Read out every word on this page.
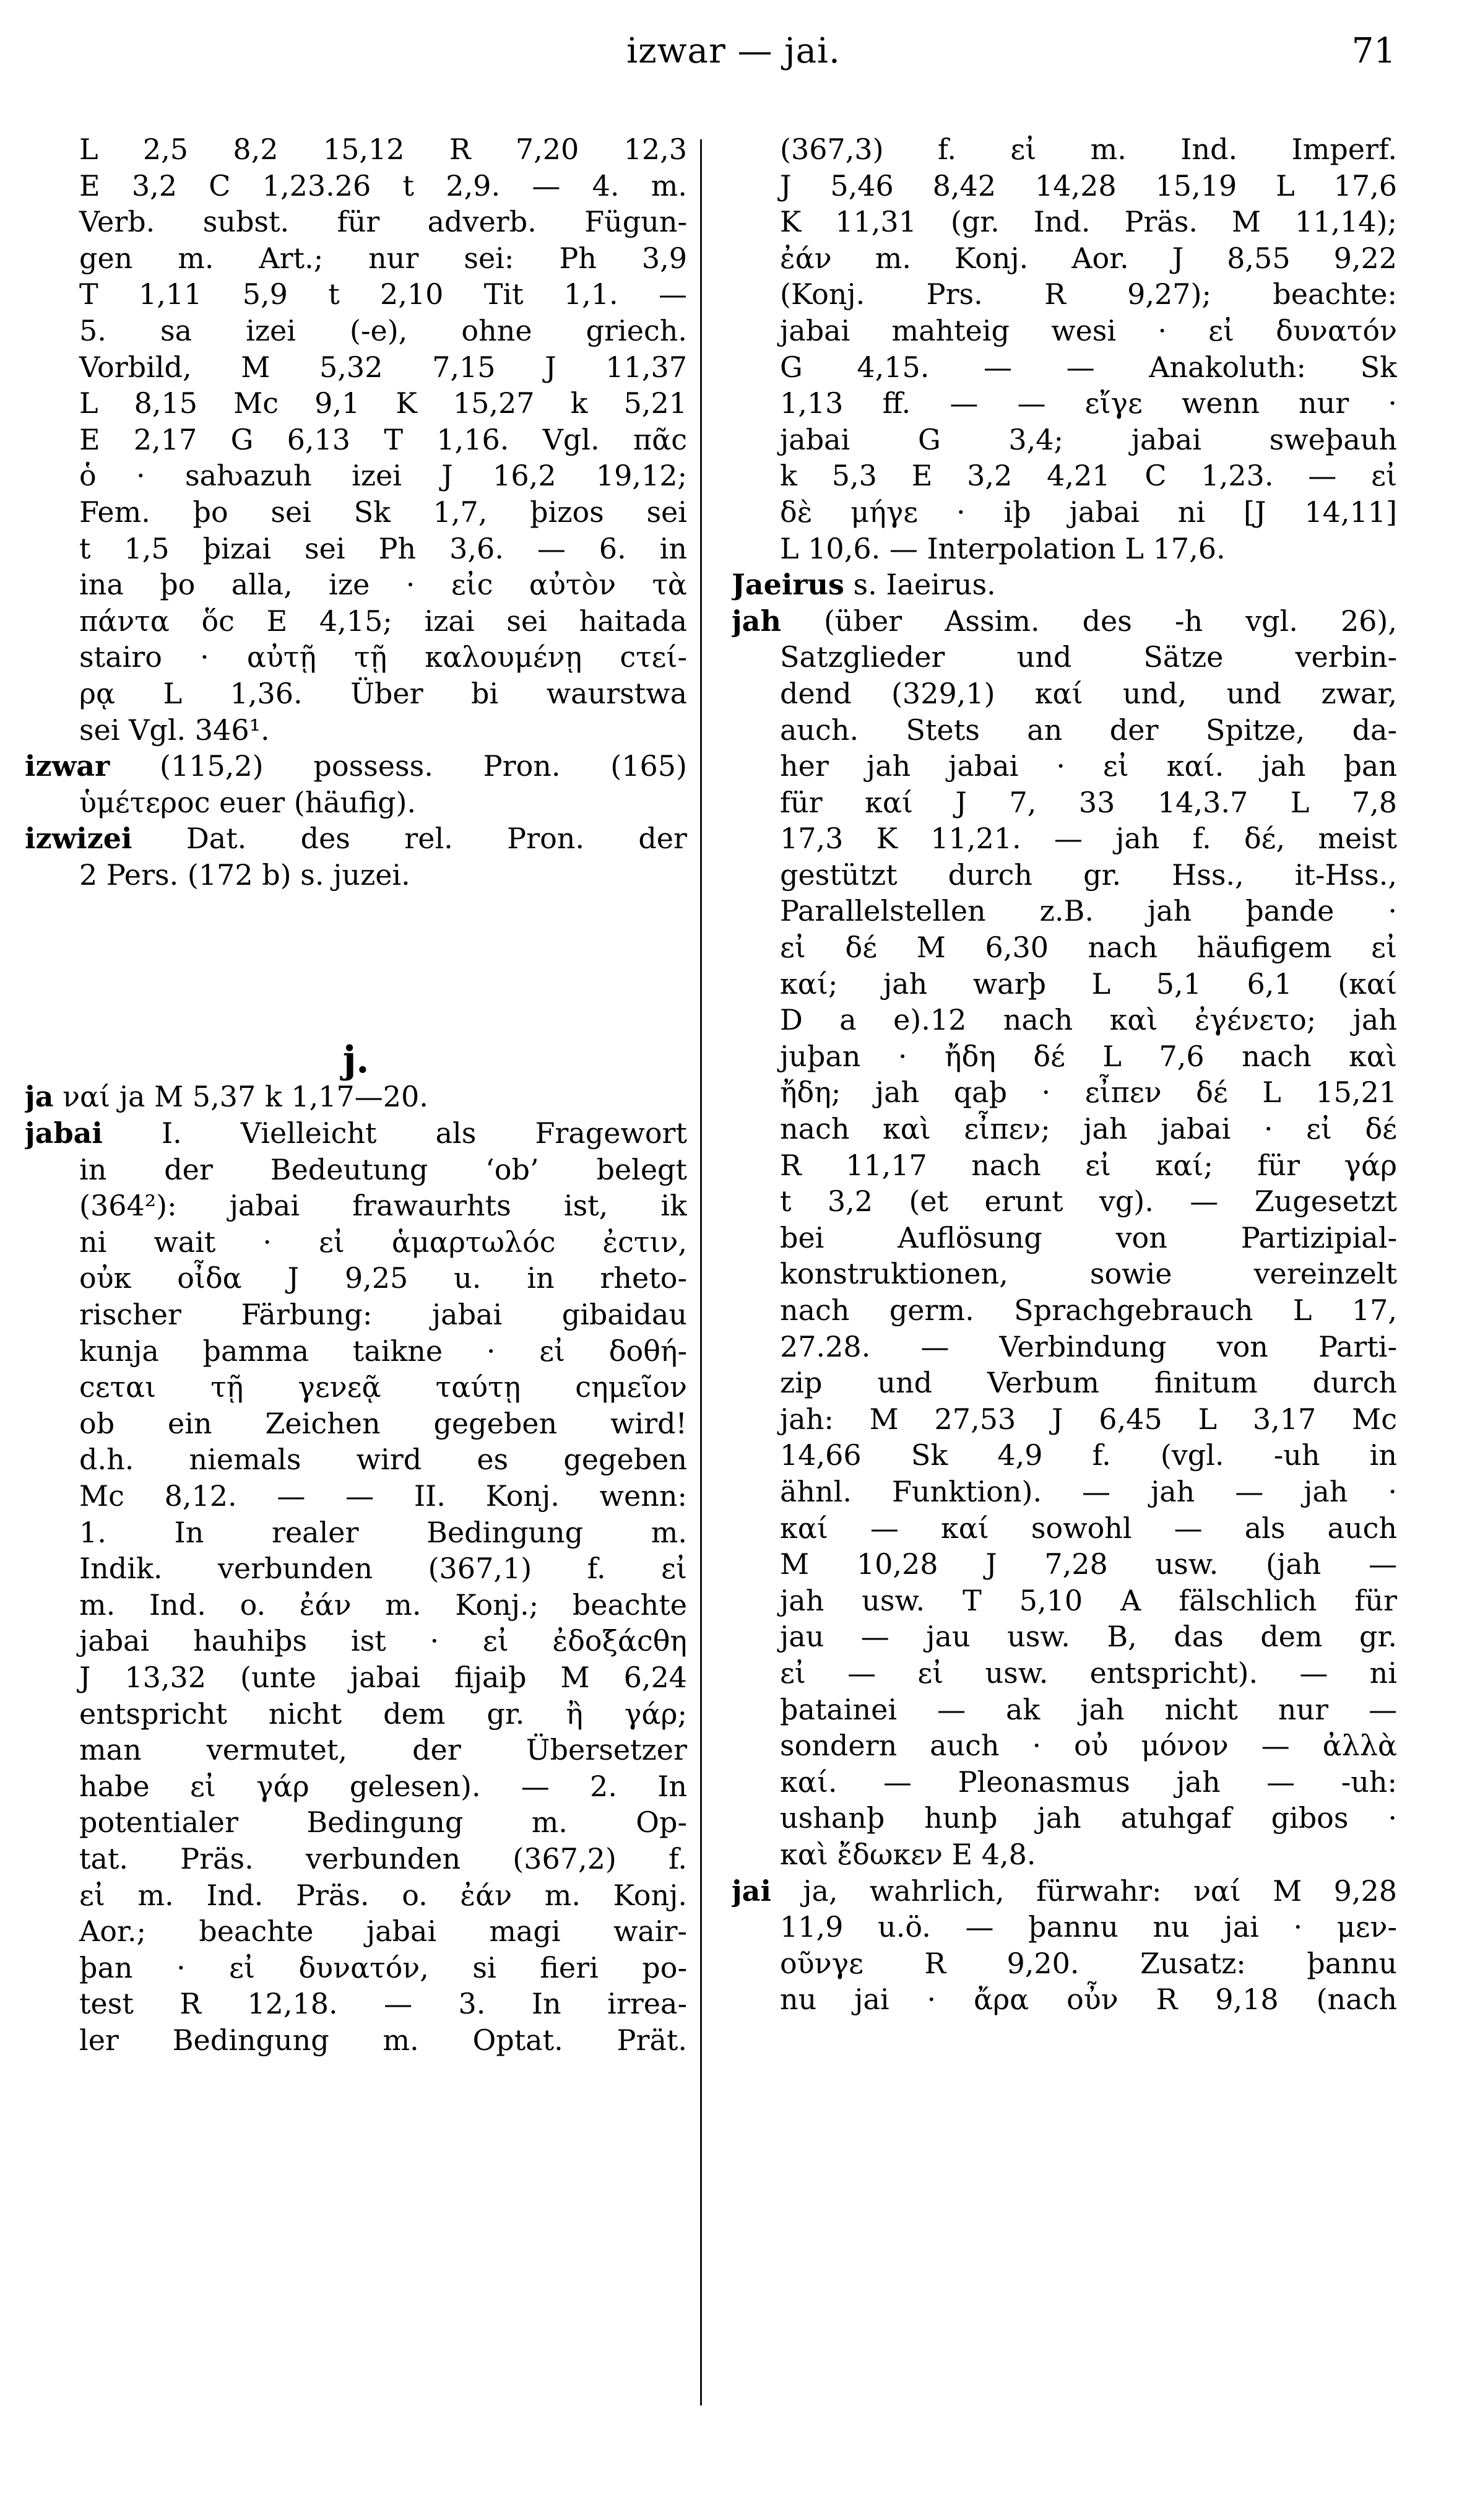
izwar — jai.	71
L 2,5 8,2 15,12 R 7,20 12,3
E 3,2 C 1,23.26 t 2,9. — 4. m.
Verb. subst. für adverb. Fügun-
gen m. Art.; nur sei: Ph 3,9
T 1,11 5,9 t 2,10 Tit 1,1. —
5. sa izei (-e), ohne griech.
Vorbild, M 5,32 7,15 J 11,37
L 8,15 Mc 9,1 K 15,27 k 5,21
E 2,17 G 6,13 T 1,16. Vgl. πᾶc
ὁ · saƕazuh izei J 16,2 19,12;
Fem. þo sei Sk 1,7, þizos sei
t 1,5 þizai sei Ph 3,6. — 6. in
ina þo alla, ize · εἰc αὐτὸν τὰ
πάντα ὅc E 4,15; izai sei haitada
stairo · αὐτῇ τῇ καλουμένῃ cτεί-
ρᾳ L 1,36. Über bi waurstwa
sei Vgl. 346¹.
izwar (115,2) possess. Pron. (165)
ὑμέτεροc euer (häufig).
izwizei Dat. des rel. Pron. der
2 Pers. (172 b) s. juzei.
j.
ja ναί ja M 5,37 k 1,17—20.
jabai I. Vielleicht als Fragewort
in der Bedeutung ‘ob’ belegt
(364²): jabai frawaurhts ist, ik
ni wait · εἰ ἁμαρτωλόc ἐcτιν,
οὐκ οἶδα J 9,25 u. in rheto-
rischer Färbung: jabai gibaidau
kunja þamma taikne · εἰ δοθή-
cεται τῇ γενεᾷ ταύτῃ cημεῖον
ob ein Zeichen gegeben wird!
d.h. niemals wird es gegeben
Mc 8,12. — — II. Konj. wenn:
1. In realer Bedingung m.
Indik. verbunden (367,1) f. εἰ
m. Ind. o. ἐάν m. Konj.; beachte
jabai hauhiþs ist · εἰ ἐδοξάcθη
J 13,32 (unte jabai fijaiþ M 6,24
entspricht nicht dem gr. ἢ γάρ;
man vermutet, der Übersetzer
habe εἰ γάρ gelesen). — 2. In
potentialer Bedingung m. Op-
tat. Präs. verbunden (367,2) f.
εἰ m. Ind. Präs. o. ἐάν m. Konj.
Aor.; beachte jabai magi wair-
þan · εἰ δυνατόν, si fieri po-
test R 12,18. — 3. In irrea-
ler Bedingung m. Optat. Prät.
(367,3) f. εἰ m. Ind. Imperf.
J 5,46 8,42 14,28 15,19 L 17,6
K 11,31 (gr. Ind. Präs. M 11,14);
ἐάν m. Konj. Aor. J 8,55 9,22
(Konj. Prs. R 9,27); beachte:
jabai mahteig wesi · εἰ δυνατόν
G 4,15. — — Anakoluth: Sk
1,13 ff. — — εἴγε wenn nur ·
jabai G 3,4; jabai sweþauh
k 5,3 E 3,2 4,21 C 1,23. — εἰ
δὲ μήγε · iþ jabai ni [J 14,11]
L 10,6. — Interpolation L 17,6.
Jaeirus s. Iaeirus.
jah (über Assim. des -h vgl. 26),
Satzglieder und Sätze verbin-
dend (329,1) καί und, und zwar,
auch. Stets an der Spitze, da-
her jah jabai · εἰ καί. jah þan
für καί J 7, 33 14,3.7 L 7,8
17,3 K 11,21. — jah f. δέ, meist
gestützt durch gr. Hss., it-Hss.,
Parallelstellen z.B. jah þande ·
εἰ δέ M 6,30 nach häufigem εἰ
καί; jah warþ L 5,1 6,1 (καί
D a e).12 nach καὶ ἐγένετο; jah
juþan · ἤδη δέ L 7,6 nach καὶ
ἤδη; jah qaþ · εἶπεν δέ L 15,21
nach καὶ εἶπεν; jah jabai · εἰ δέ
R 11,17 nach εἰ καί; für γάρ
t 3,2 (et erunt vg). — Zugesetzt
bei Auflösung von Partizipial-
konstruktionen, sowie vereinzelt
nach germ. Sprachgebrauch L 17,
27.28. — Verbindung von Parti-
zip und Verbum finitum durch
jah: M 27,53 J 6,45 L 3,17 Mc
14,66 Sk 4,9 f. (vgl. -uh in
ähnl. Funktion). — jah — jah ·
καί — καί sowohl — als auch
M 10,28 J 7,28 usw. (jah —
jah usw. T 5,10 A fälschlich für
jau — jau usw. B, das dem gr.
εἰ — εἰ usw. entspricht). — ni
þatainei — ak jah nicht nur —
sondern auch · οὐ μόνον — ἀλλὰ
καί. — Pleonasmus jah — -uh:
ushanþ hunþ jah atuhgaf gibos ·
καὶ ἔδωκεν E 4,8.
jai ja, wahrlich, fürwahr: ναί M 9,28
11,9 u.ö. — þannu nu jai · μεν-
οῦνγε R 9,20. Zusatz: þannu
nu jai · ἄρα οὖν R 9,18 (nach
